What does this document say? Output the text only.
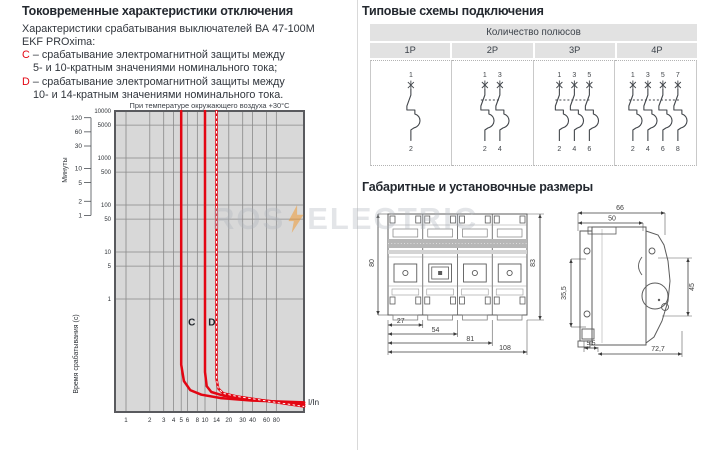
Токовременные характеристики отключения
Характеристики срабатывания выключателей ВА 47-100М
EKF PROxima:
C – срабатывание электромагнитной защиты между
5- и 10-кратным значениями номинального тока;
D – срабатывание электромагнитной защиты между
10- и 14-кратным значениями номинального тока.
При температуре окружающего воздуха +30°С
1	2 3 4 5 6 8 10 14 20 30 40 60 80
10000
5000
1000
500
100
50
10
5
1
120
60
30
10
5
2
1
Минуты
Время срабатывания (с)
I/In
C D
Типовые схемы подключения
Количество полюсов
1P	2P	3P	4P
1
2
1
2
3
4
1
2
3
4
5
6
1
2
3
4
5
6
7
8
Габаритные и установочные размеры
80	83
27
54
81
108
66
50
35,5	45
5,5
72,7
ROS ELECTRIC
